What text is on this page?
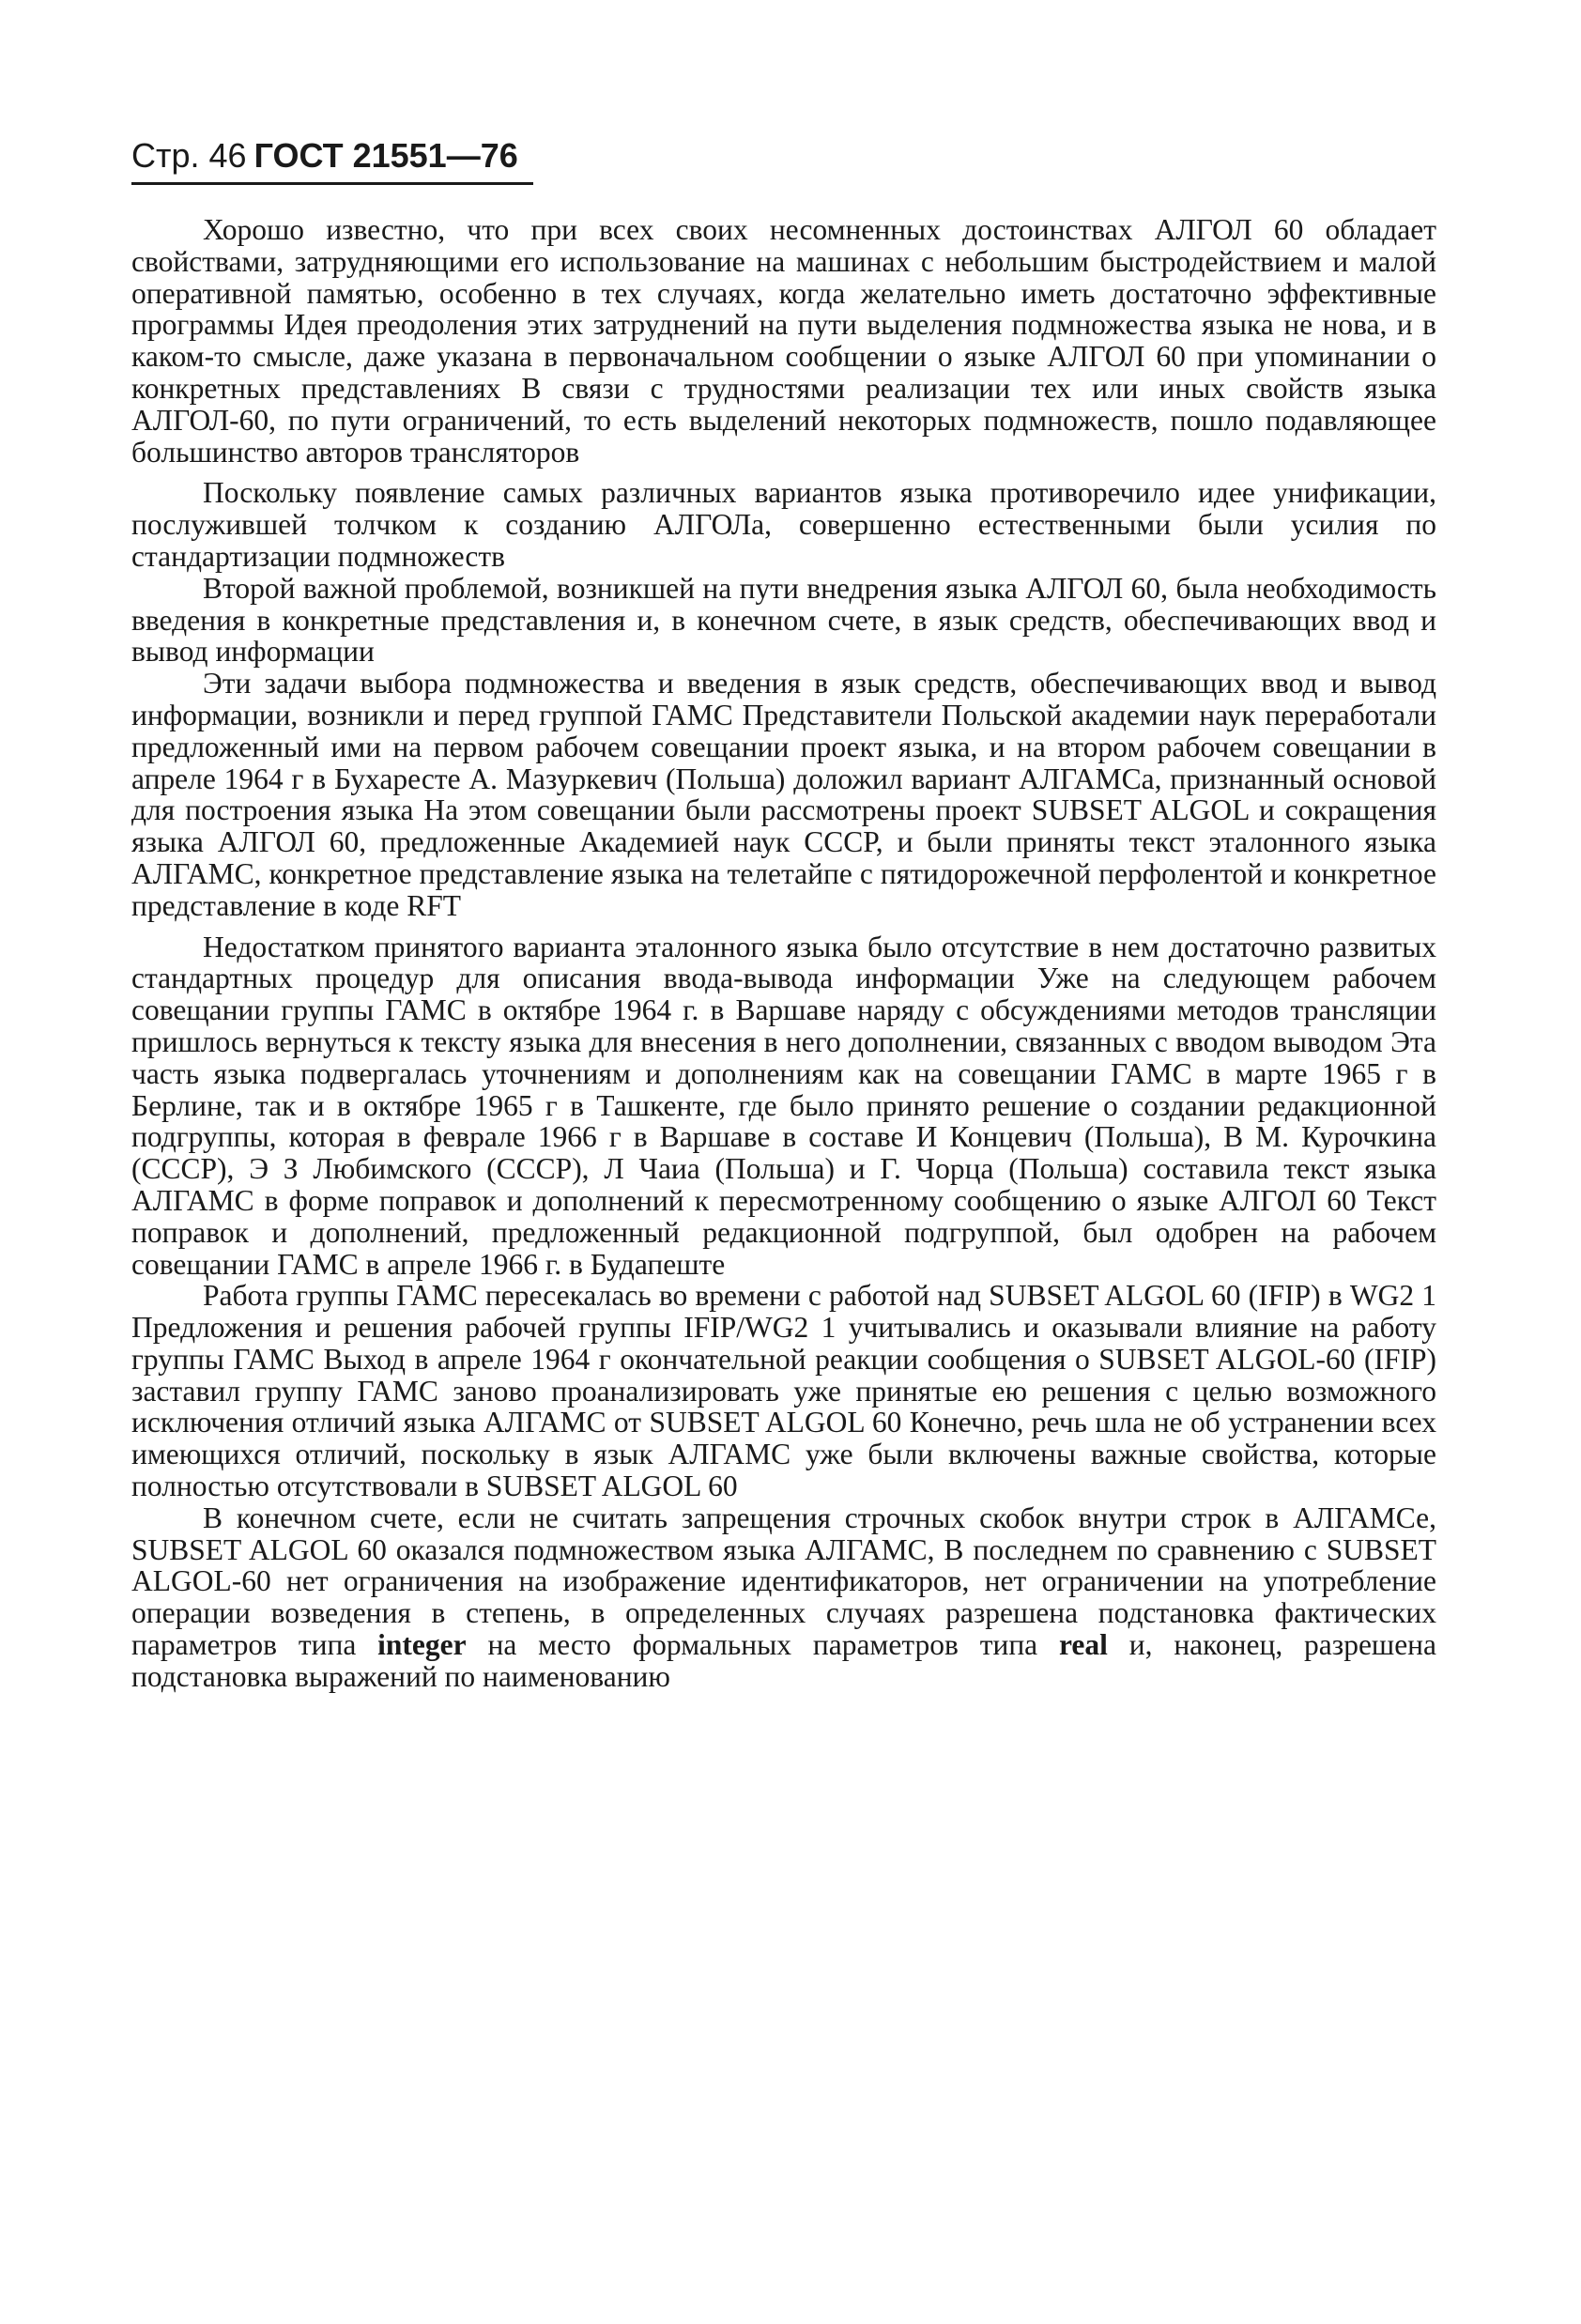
Стр. 46 ГОСТ 21551—76

Хорошо известно, что при всех своих несомненных достоинствах АЛГОЛ 60 обладает свойствами, затрудняющими его использование на машинах с небольшим быстродействием и малой оперативной памятью, особенно в тех случаях, когда желательно иметь достаточно эффективные программы Идея преодоления этих затруднений на пути выделения подмножества языка не нова, и в каком-то смысле, даже указана в первоначальном сообщении о языке АЛГОЛ 60 при упоминании о конкретных представлениях В связи с трудностями реализации тех или иных свойств языка АЛГОЛ-60, по пути ограничений, то есть выделений некоторых подмножеств, пошло подавляющее большинство авторов трансляторов

Поскольку появление самых различных вариантов языка противоречило идее унификации, послужившей толчком к созданию АЛГОЛа, совершенно естественными были усилия по стандартизации подмножеств

Второй важной проблемой, возникшей на пути внедрения языка АЛГОЛ 60, была необходимость введения в конкретные представления и, в конечном счете, в язык средств, обеспечивающих ввод и вывод информации

Эти задачи выбора подмножества и введения в язык средств, обеспечивающих ввод и вывод информации, возникли и перед группой ГАМС Представители Польской академии наук переработали предложенный ими на первом рабочем совещании проект языка, и на втором рабочем совещании в апреле 1964 г в Бухаресте А. Мазуркевич (Польша) доложил вариант АЛГАМСа, признанный основой для построения языка На этом совещании были рассмотрены проект SUBSET ALGOL и сокращения языка АЛГОЛ 60, предложенные Академией наук СССР, и были приняты текст эталонного языка АЛГАМС, конкретное представление языка на телетайпе с пятидорожечной перфолентой и конкретное представление в коде RFT

Недостатком принятого варианта эталонного языка было отсутствие в нем достаточно развитых стандартных процедур для описания ввода-вывода информации Уже на следующем рабочем совещании группы ГАМС в октябре 1964 г. в Варшаве наряду с обсуждениями методов трансляции пришлось вернуться к тексту языка для внесения в него дополнении, связанных с вводом выводом Эта часть языка подвергалась уточнениям и дополнениям как на совещании ГАМС в марте 1965 г в Берлине, так и в октябре 1965 г в Ташкенте, где было принято решение о создании редакционной подгруппы, которая в феврале 1966 г в Варшаве в составе И Концевич (Польша), В М. Курочкина (СССР), Э З Любимского (СССР), Л Чаиа (Польша) и Г. Чорца (Польша) составила текст языка АЛГАМС в форме поправок и дополнений к пересмотренному сообщению о языке АЛГОЛ 60 Текст поправок и дополнений, предложенный редакционной подгруппой, был одобрен на рабочем совещании ГАМС в апреле 1966 г. в Будапеште

Работа группы ГАМС пересекалась во времени с работой над SUBSET ALGOL 60 (IFIP) в WG2 1 Предложения и решения рабочей группы IFIP/WG2 1 учитывались и оказывали влияние на работу группы ГАМС Выход в апреле 1964 г окончательной реакции сообщения о SUBSET ALGOL-60 (IFIP) заставил группу ГАМС заново проанализировать уже принятые ею решения с целью возможного исключения отличий языка АЛГАМС от SUBSET ALGOL 60 Конечно, речь шла не об устранении всех имеющихся отличий, поскольку в язык АЛГАМС уже были включены важные свойства, которые полностью отсутствовали в SUBSET ALGOL 60

В конечном счете, если не считать запрещения строчных скобок внутри строк в АЛГАМСе, SUBSET ALGOL 60 оказался подмножеством языка АЛГАМС, В последнем по сравнению с SUBSET ALGOL-60 нет ограничения на изображение идентификаторов, нет ограничении на употребление операции возведения в степень, в определенных случаях разрешена подстановка фактических параметров типа integer на место формальных параметров типа real и, наконец, разрешена подстановка выражений по наименованию
